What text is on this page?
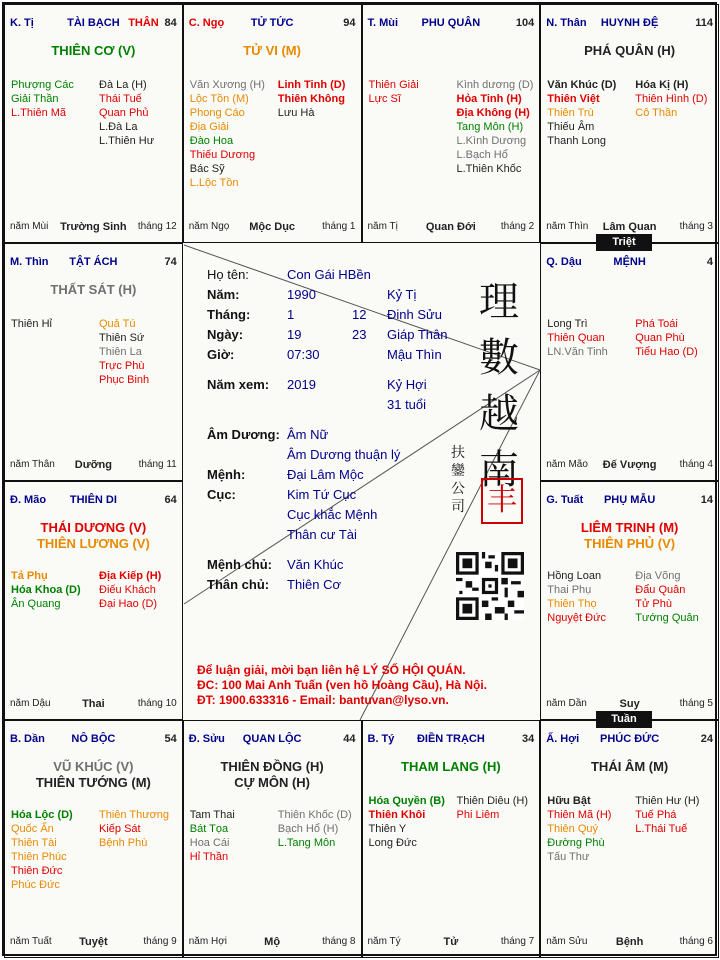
K. Tị	TÀI BẠCH THÂN 84
THIÊN CƠ (V)
Phượng Các
Giải Thần
L.Thiên Mã
Đà La (H)
Thái Tuế
Quan Phủ
L.Đà La
L.Thiên Hư
năm Mùi	Trường Sinh	tháng 12
C. Ngọ	TỬ TỨC	94
TỬ VI (M)
Văn Xương (H)
Lộc Tồn (M)
Phong Cáo
Địa Giải
Đào Hoa
Thiếu Dương
Bác Sỹ
L.Lộc Tồn
Linh Tinh (D)
Thiên Không
Lưu Hà
năm Ngọ	Mộc Dục	tháng 1
T. Mùi	PHU QUÂN	104
Thiên Giải
Lực Sĩ
Kình dương (D)
Hỏa Tinh (H)
Địa Không (H)
Tang Môn (H)
L.Kình Dương
L.Bạch Hổ
L.Thiên Khốc
năm Tị	Quan Đới	tháng 2
N. Thân	HUYNH ĐỆ	114
PHÁ QUÂN (H)
Văn Khúc (D)
Thiên Việt
Thiên Trù
Thiếu Âm
Thanh Long
Hóa Kị (H)
Thiên Hình (D)
Cô Thần
năm Thìn	Lâm Quan	tháng 3
M. Thìn	TẬT ÁCH	74
THẤT SÁT (H)
Thiên Hỉ	Quả Tú
Thiên Sứ
Thiên La
Trực Phù
Phục Binh
năm Thân	Dưỡng	tháng 11
Q. Dậu	MỆNH	4
Long Trì
Thiên Quan
LN.Văn Tinh
Phá Toái
Quan Phù
Tiểu Hao (D)
năm Mão	Đế Vượng	tháng 4
Đ. Mão	THIÊN DI	64
THÁI DƯƠNG (V)
THIÊN LƯƠNG (V)
Tả Phụ
Hóa Khoa (D)
Ân Quang
Địa Kiếp (H)
Điếu Khách
Đại Hao (D)
năm Dậu	Thai	tháng 10
G. Tuất	PHỤ MẪU	14
LIÊM TRINH (M)
THIÊN PHỦ (V)
Hồng Loan
Thai Phụ
Thiên Thọ
Nguyệt Đức
Địa Võng
Đẩu Quân
Tử Phù
Tướng Quân
năm Dần	Suy	tháng 5
B. Dần	NÔ BỘC	54
VŨ KHÚC (V)
THIÊN TƯỚNG (M)
Hóa Lộc (D)
Quốc Ấn
Thiên Tài
Thiên Phúc
Thiên Đức
Phúc Đức
Thiên Thương
Kiếp Sát
Bệnh Phù
năm Tuất	Tuyệt	tháng 9
Đ. Sửu	QUAN LỘC	44
THIÊN ĐỒNG (H)
CỰ MÔN (H)
Tam Thai
Bát Tọa
Hoa Cái
Hỉ Thần
Thiên Khốc (D)
Bạch Hổ (H)
L.Tang Môn
năm Hợi	Mộ	tháng 8
B. Tý	ĐIỀN TRẠCH	34
THAM LANG (H)
Hóa Quyền (B)
Thiên Khôi
Thiên Y
Long Đức
Thiên Diêu (H)
Phi Liêm
năm Tý	Tử	tháng 7
Ấ. Hợi	PHÚC ĐỨC	24
THÁI ÂM (M)
Hữu Bật
Thiên Mã (H)
Thiên Quý
Đường Phù
Tấu Thư
Thiên Hư (H)
Tuế Phá
L.Thái Tuế
năm Sửu	Bệnh	tháng 6
Họ tên:	Con Gái HBền
Năm:	1990	Kỷ Tị
Tháng:	1	12 Đinh Sửu
Ngày:	19	23 Giáp Thân
Giờ:	07:30	Mậu Thìn
Năm xem: 2019	Kỷ Hợi
31 tuổi
Âm Dương: Âm Nữ
Âm Dương thuận lý
Mệnh:	Đại Lâm Mộc
Cục:	Kim Tứ Cục
Cục khắc Mệnh
Thân cư Tài
Mệnh chủ: Văn Khúc
Thân chủ: Thiên Cơ
理
數
越
南
扶
鑾
公
司 丰
Để luận giải, mời bạn liên hệ LÝ SỐ HỘI QUÁN.
ĐC: 100 Mai Anh Tuấn (ven hồ Hoàng Cầu), Hà Nội.
ĐT: 1900.633316 - Email: bantuvan@lyso.vn.
Triệt
Tuần
